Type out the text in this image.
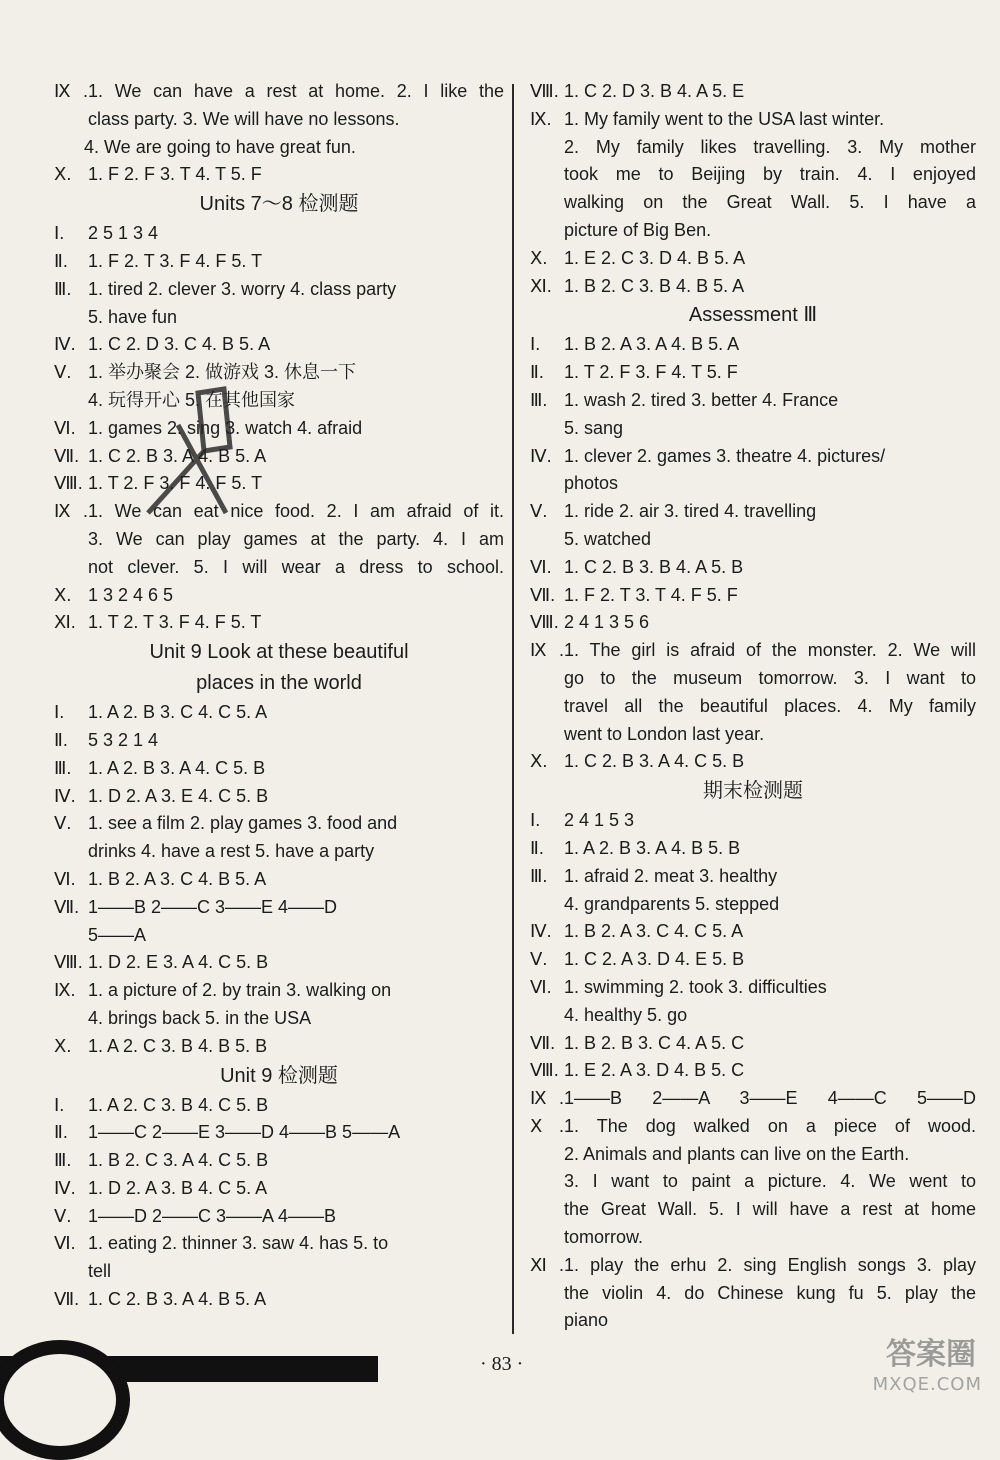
Ⅸ.1. We can have a rest at home. 2. I like the
class party. 3. We will have no lessons.
4. We are going to have great fun.
Ⅹ. 1. F 2. F 3. T 4. T 5. F
Units 7～8 检测题
Ⅰ. 2 5 1 3 4
Ⅱ. 1. F 2. T 3. F 4. F 5. T
Ⅲ. 1. tired 2. clever 3. worry 4. class party
5. have fun
Ⅳ. 1. C 2. D 3. C 4. B 5. A
Ⅴ. 1. 举办聚会 2. 做游戏 3. 休息一下
4. 玩得开心 5. 在其他国家
Ⅵ. 1. games 2. sing 3. watch 4. afraid
Ⅶ. 1. C 2. B 3. A 4. B 5. A
Ⅷ. 1. T 2. F 3. F 4. F 5. T
Ⅸ.1. We can eat nice food. 2. I am afraid of it.
3. We can play games at the party. 4. I am
not clever. 5. I will wear a dress to school.
Ⅹ. 1 3 2 4 6 5
Ⅺ. 1. T 2. T 3. F 4. F 5. T
Unit 9 Look at these beautiful
places in the world
Ⅰ. 1. A 2. B 3. C 4. C 5. A
Ⅱ. 5 3 2 1 4
Ⅲ. 1. A 2. B 3. A 4. C 5. B
Ⅳ. 1. D 2. A 3. E 4. C 5. B
Ⅴ. 1. see a film 2. play games 3. food and
drinks 4. have a rest 5. have a party
Ⅵ. 1. B 2. A 3. C 4. B 5. A
Ⅶ. 1——B 2——C 3——E 4——D
5——A
Ⅷ. 1. D 2. E 3. A 4. C 5. B
Ⅸ. 1. a picture of 2. by train 3. walking on
4. brings back 5. in the USA
Ⅹ. 1. A 2. C 3. B 4. B 5. B
Unit 9 检测题
Ⅰ. 1. A 2. C 3. B 4. C 5. B
Ⅱ. 1——C 2——E 3——D 4——B 5——A
Ⅲ. 1. B 2. C 3. A 4. C 5. B
Ⅳ. 1. D 2. A 3. B 4. C 5. A
Ⅴ. 1——D 2——C 3——A 4——B
Ⅵ. 1. eating 2. thinner 3. saw 4. has 5. to
tell
Ⅶ. 1. C 2. B 3. A 4. B 5. A
Ⅷ. 1. C 2. D 3. B 4. A 5. E
Ⅸ. 1. My family went to the USA last winter.
2. My family likes travelling. 3. My mother
took me to Beijing by train. 4. I enjoyed
walking on the Great Wall. 5. I have a
picture of Big Ben.
Ⅹ. 1. E 2. C 3. D 4. B 5. A
Ⅺ. 1. B 2. C 3. B 4. B 5. A
Assessment Ⅲ
Ⅰ. 1. B 2. A 3. A 4. B 5. A
Ⅱ. 1. T 2. F 3. F 4. T 5. F
Ⅲ. 1. wash 2. tired 3. better 4. France
5. sang
Ⅳ. 1. clever 2. games 3. theatre 4. pictures/
photos
Ⅴ. 1. ride 2. air 3. tired 4. travelling
5. watched
Ⅵ. 1. C 2. B 3. B 4. A 5. B
Ⅶ. 1. F 2. T 3. T 4. F 5. F
Ⅷ. 2 4 1 3 5 6
Ⅸ.1. The girl is afraid of the monster. 2. We will
go to the museum tomorrow. 3. I want to
travel all the beautiful places. 4. My family
went to London last year.
Ⅹ. 1. C 2. B 3. A 4. C 5. B
期末检测题
Ⅰ. 2 4 1 5 3
Ⅱ. 1. A 2. B 3. A 4. B 5. B
Ⅲ. 1. afraid 2. meat 3. healthy
4. grandparents 5. stepped
Ⅳ. 1. B 2. A 3. C 4. C 5. A
Ⅴ. 1. C 2. A 3. D 4. E 5. B
Ⅵ. 1. swimming 2. took 3. difficulties
4. healthy 5. go
Ⅶ. 1. B 2. B 3. C 4. A 5. C
Ⅷ. 1. E 2. A 3. D 4. B 5. C
Ⅸ.1——B 2——A 3——E 4——C 5——D
Ⅹ.1. The dog walked on a piece of wood.
2. Animals and plants can live on the Earth.
3. I want to paint a picture. 4. We went to
the Great Wall. 5. I will have a rest at home
tomorrow.
Ⅺ.1. play the erhu 2. sing English songs 3. play
the violin 4. do Chinese kung fu 5. play the
piano
· 83 ·	答案圈
MXQE.COM
